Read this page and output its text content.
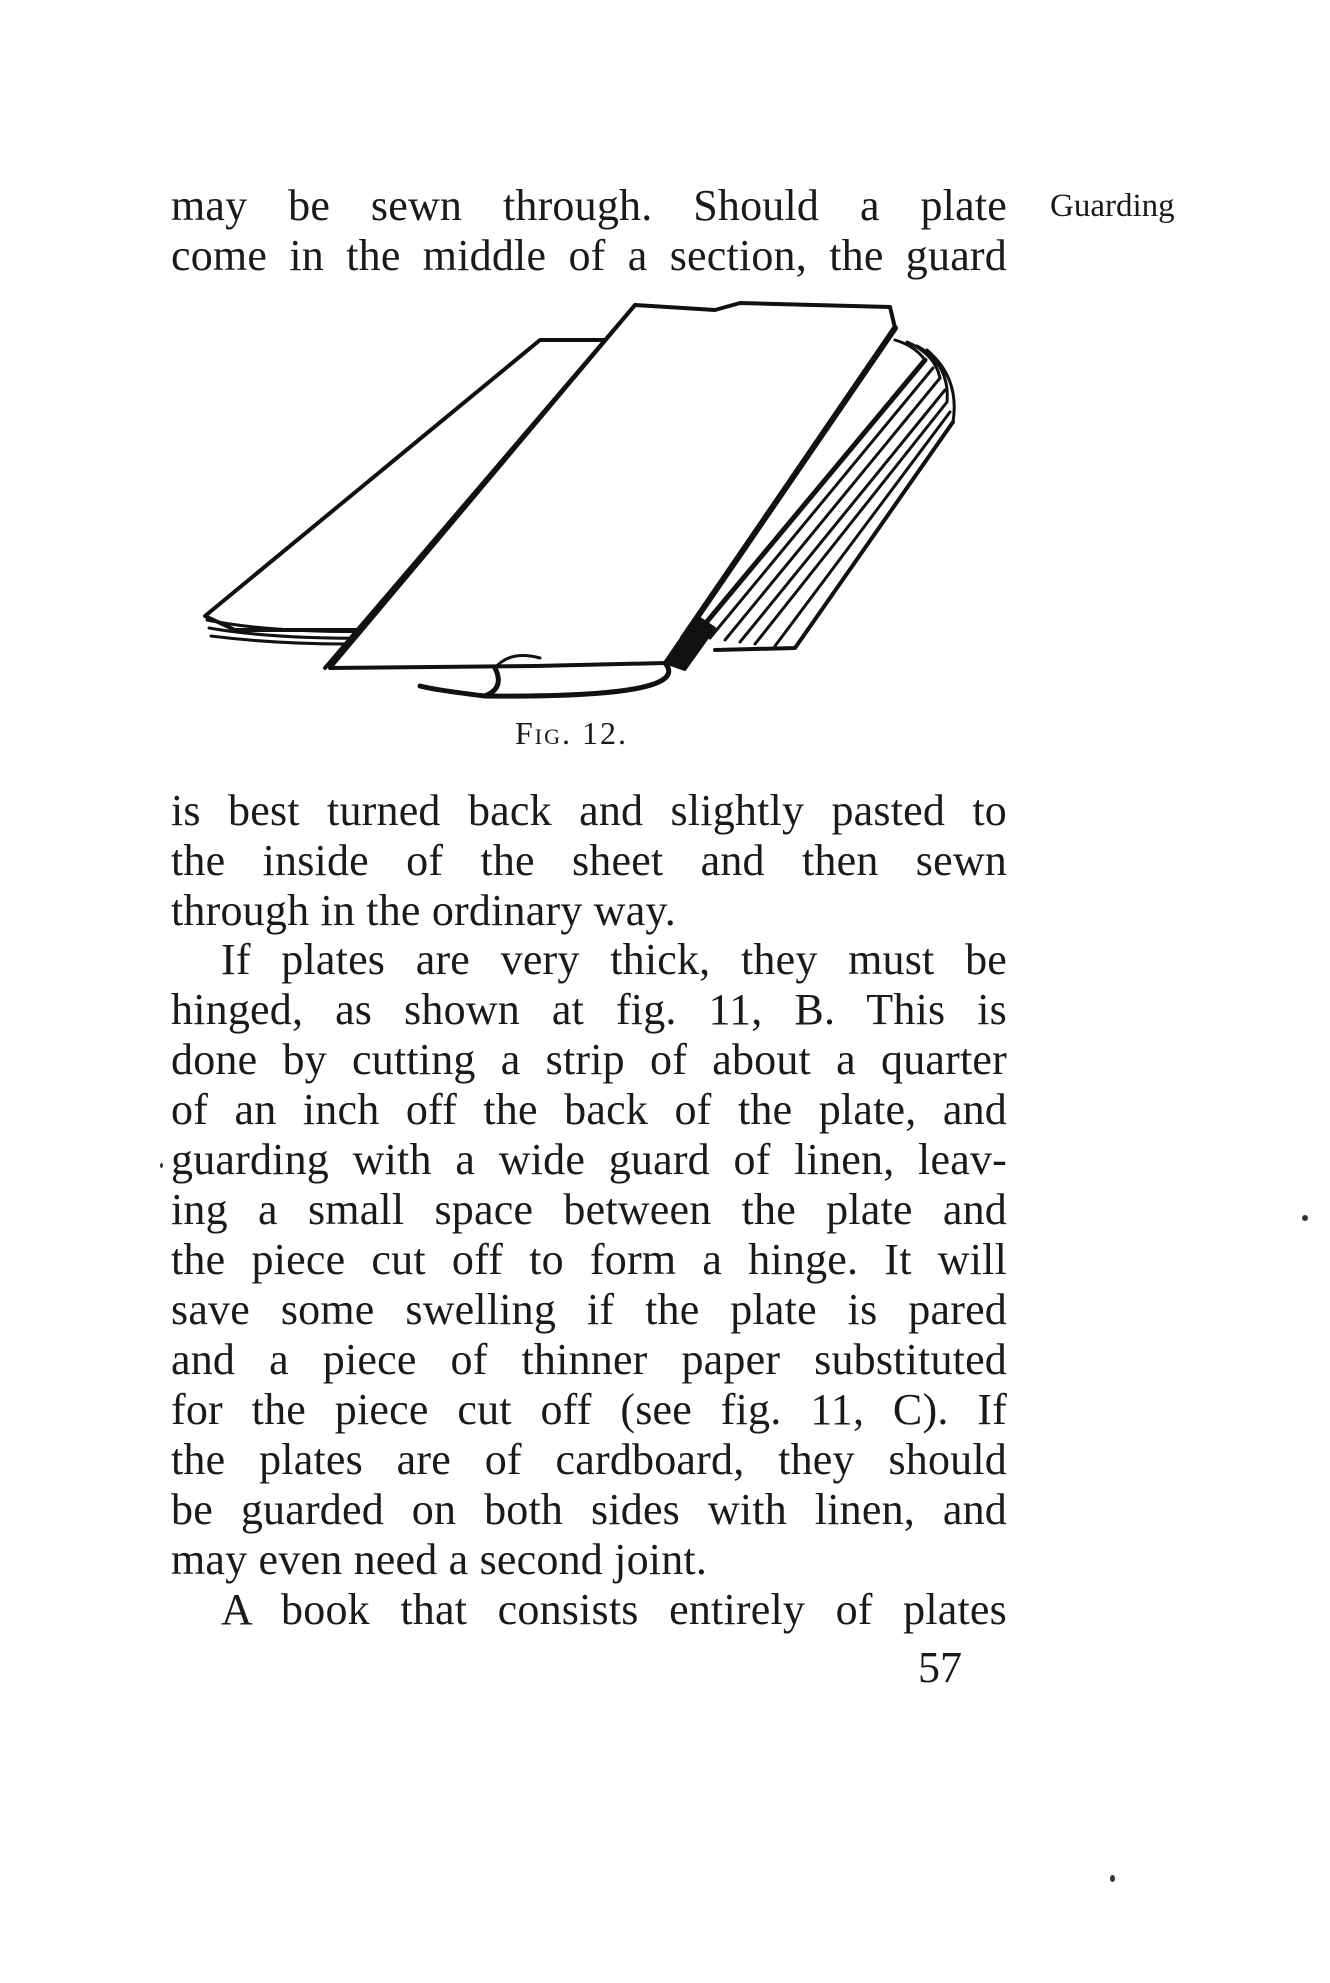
Guarding
may be sewn through. Should a plate
come in the middle of a section, the guard
Fig. 12.
is best turned back and slightly pasted to
the inside of the sheet and then sewn
through in the ordinary way.
If plates are very thick, they must be
hinged, as shown at fig. 11, B. This is
done by cutting a strip of about a quarter
of an inch off the back of the plate, and
guarding with a wide guard of linen, leav-
ing a small space between the plate and
the piece cut off to form a hinge. It will
save some swelling if the plate is pared
and a piece of thinner paper substituted
for the piece cut off (see fig. 11, C). If
the plates are of cardboard, they should
be guarded on both sides with linen, and
may even need a second joint.
A book that consists entirely of plates
57
